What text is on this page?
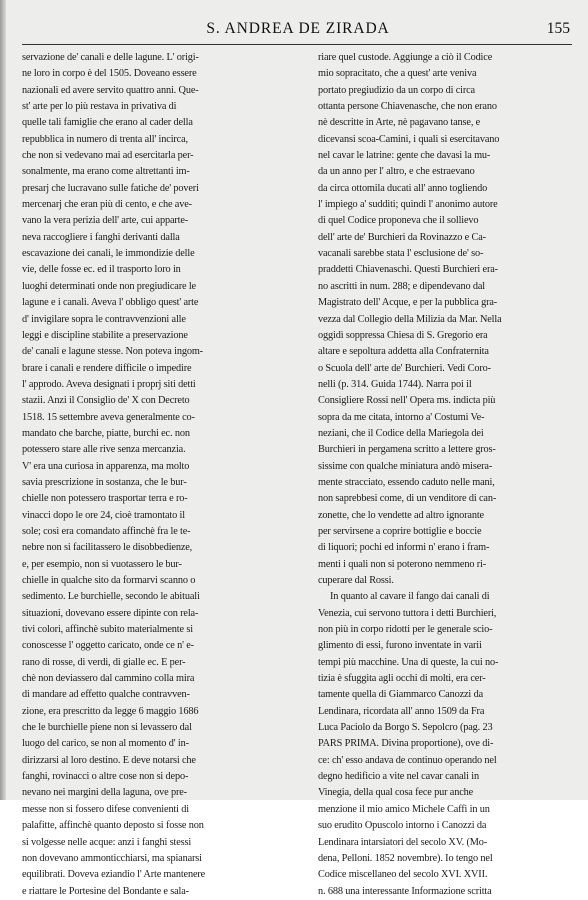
S. ANDREA DE ZIRADA	155
servazione de' canali e delle lagune. L' origi-
ne loro in corpo è del 1505. Doveano essere
nazionali ed avere servito quattro anni. Que-
st' arte per lo più restava in privativa di
quelle tali famiglie che erano al cader della
repubblica in numero di trenta all' incirca,
che non si vedevano mai ad esercitarla per-
sonalmente, ma erano come altrettanti im-
presarj che lucravano sulle fatiche de' poveri
mercenarj che eran più di cento, e che ave-
vano la vera perizia dell' arte, cui apparte-
neva raccogliere i fanghi derivanti dalla
escavazione dei canali, le immondizie delle
vie, delle fosse ec. ed il trasporto loro in
luoghi determinati onde non pregiudicare le
lagune e i canali. Aveva l' obbligo quest' arte
d' invigilare sopra le contravvenzioni alle
leggi e discipline stabilite a preservazione
de' canali e lagune stesse. Non poteva ingom-
brare i canali e rendere difficile o impedire
l' approdo. Aveva designati i proprj siti detti
stazii. Anzi il Consiglio de' X con Decreto
1518. 15 settembre aveva generalmente co-
mandato che barche, piatte, burchi ec. non
potessero stare alle rive senza mercanzia.
V' era una curiosa in apparenza, ma molto
savia prescrizione in sostanza, che le bur-
chielle non potessero trasportar terra e ro-
vinacci dopo le ore 24, cioè tramontato il
sole; così era comandato affinchè fra le te-
nebre non si facilitassero le disobbedienze,
e, per esempio, non si vuotassero le bur-
chielle in qualche sito da formarvi scanno o
sedimento. Le burchielle, secondo le abituali
situazioni, dovevano essere dipinte con rela-
tivi colori, affinchè subito materialmente si
conoscesse l' oggetto caricato, onde ce n' e-
rano di rosse, di verdi, di gialle ec. E per-
chè non deviassero dal cammino colla mira
di mandare ad effetto qualche contravven-
zione, era prescritto da legge 6 maggio 1686
che le burchielle piene non si levassero dal
luogo del carico, se non al momento d' in-
dirizzarsi al loro destino. E deve notarsi che
fanghi, rovinacci o altre cose non si depo-
nevano nei margini della laguna, ove pre-
messe non si fossero difese convenienti di
palafitte, affinchè quanto deposto si fosse non
si volgesse nelle acque: anzi i fanghi stessi
non dovevano ammonticchiarsi, ma spianarsi
equilibrati. Doveva eziandio l' Arte mantenere
e riattare le Portesine del Bondante e sala-
riare quel custode. Aggiunge a ciò il Codice
mio sopracitato, che a quest' arte veniva
portato pregiudizio da un corpo di circa
ottanta persone Chiavenasche, che non erano
nè descritte in Arte, nè pagavano tanse, e
dicevansi scoa-Camini, i quali si esercitavano
nel cavar le latrine: gente che davasi la mu-
da un anno per l' altro, e che estraevano
da circa ottomila ducati all' anno togliendo
l' impiego a' sudditi; quindi l' anonimo autore
di quel Codice proponeva che il sollievo
dell' arte de' Burchieri da Rovinazzo e Ca-
vacanali sarebbe stata l' esclusione de' so-
praddetti Chiavenaschi. Questi Burchieri era-
no ascritti in num. 288; e dipendevano dal
Magistrato dell' Acque, e per la pubblica gra-
vezza dal Collegio della Milizia da Mar. Nella
oggidì soppressa Chiesa di S. Gregorio era
altare e sepoltura addetta alla Confraternita
o Scuola dell' arte de' Burchieri. Vedi Coro-
nelli (p. 314. Guida 1744). Narra poi il
Consigliere Rossi nell' Opera ms. indicta più
sopra da me citata, intorno a' Costumi Ve-
neziani, che il Codice della Mariegola dei
Burchieri in pergamena scritto a lettere gros-
sissime con qualche miniatura andò misera-
mente stracciato, essendo caduto nelle mani,
non saprebbesi come, di un venditore di can-
zonette, che lo vendette ad altro ignorante
per servirsene a coprire bottiglie e boccie
di liquori; pochi ed informi n' erano i fram-
menti i quali non si poterono nemmeno ri-
cuperare dal Rossi.
In quanto al cavare il fango dai canali di
Venezia, cui servono tuttora i detti Burchieri,
non più in corpo ridotti per le generale scio-
glimento di essi, furono inventate in varii
tempi più macchine. Una di queste, la cui no-
tizia è sfuggita agli occhi di molti, era cer-
tamente quella di Giammarco Canozzi da
Lendinara, ricordata all' anno 1509 da Fra
Luca Paciolo da Borgo S. Sepolcro (pag. 23
PARS PRIMA. Divina proportione), ove di-
ce: ch' esso andava de continuo operando nel
degno hedificio a vite nel cavar canali in
Vinegia, della qual cosa fece pur anche
menzione il mio amico Michele Caffi in un
suo erudito Opuscolo intorno i Canozzi da
Lendinara intarsiatori del secolo XV. (Mo-
dena, Pelloni. 1852 novembre). Io tengo nel
Codice miscellaneo del secolo XVI. XVII.
n. 688 una interessante Informazione scritta
